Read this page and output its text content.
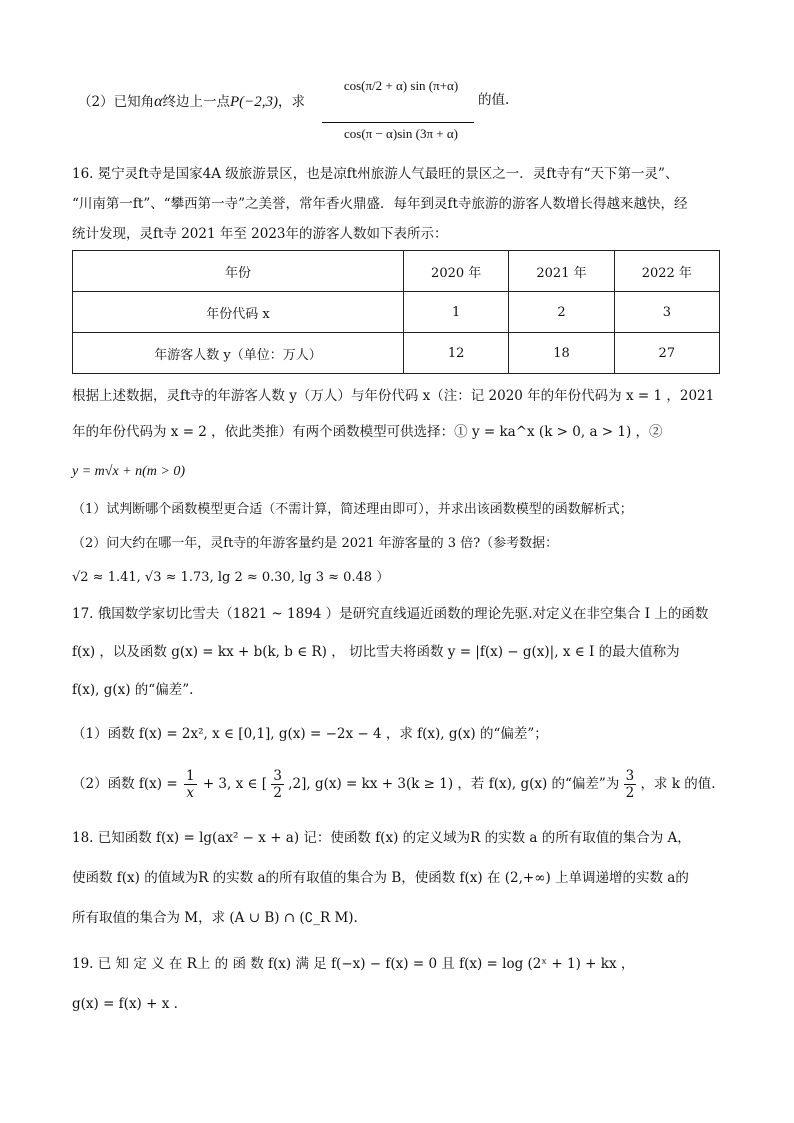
（2）已知角α终边上一点P(−2,3)，求
cos(π/2 + α) sin (π+α)
cos(π − α)sin (3π + α)
的值.
16. 冕宁灵ft寺是国家4A 级旅游景区，也是凉ft州旅游人气最旺的景区之一．灵ft寺有“天下第一灵”、
“川南第一ft”、“攀西第一寺”之美誉，常年香火鼎盛．每年到灵ft寺旅游的游客人数增长得越来越快，经
统计发现，灵ft寺 2021 年至 2023年的游客人数如下表所示：
年份	2020 年	2021 年	2022 年
年份代码 x	1	2	3
年游客人数 y（单位：万人）	12	18	27
根据上述数据，灵ft寺的年游客人数 y（万人）与年份代码 x（注：记 2020 年的年份代码为 x = 1 ，2021
年的年份代码为 x = 2 ，依此类推）有两个函数模型可供选择：① y = ka^x (k > 0, a > 1) ，②
y = m√x + n(m > 0)
（1）试判断哪个函数模型更合适（不需计算，简述理由即可），并求出该函数模型的函数解析式；
（2）问大约在哪一年，灵ft寺的年游客量约是 2021 年游客量的 3 倍?（参考数据：
√2 ≈ 1.41, √3 ≈ 1.73, lg 2 ≈ 0.30, lg 3 ≈ 0.48 ）
17. 俄国数学家切比雪夫（1821 ~ 1894 ）是研究直线逼近函数的理论先驱.对定义在非空集合 I 上的函数
f(x) ，以及函数 g(x) = kx + b(k, b ∈ R) ， 切比雪夫将函数 y = |f(x) − g(x)|, x ∈ I 的最大值称为
f(x), g(x) 的“偏差”.
（1）函数 f(x) = 2x², x ∈ [0,1], g(x) = −2x − 4 ，求 f(x), g(x) 的“偏差”；
（2）函数 $f(x) = \frac{1}{x} + 3$, x ∈ [ $\frac{3}{2} ,2$], g(x) = kx + 3(k ≥ 1) ，若 f(x), g(x) 的“偏差”为 $\frac{3}{2}$ ，求 k 的值.
18. 已知函数 f(x) = lg(ax² − x + a) 记：使函数 f(x) 的定义域为R 的实数 a 的所有取值的集合为 A，
使函数 f(x) 的值域为R 的实数 a的所有取值的集合为 B，使函数 f(x) 在 (2,+∞) 上单调递增的实数 a的
所有取值的集合为 M，求 (A ∪ B) ∩ (∁_R M).
19. 已 知 定 义 在 R上 的 函 数 f(x) 满 足 f(−x) − f(x) = 0 且 f(x) = log (2ˣ + 1) + kx ，
g(x) = f(x) + x .
